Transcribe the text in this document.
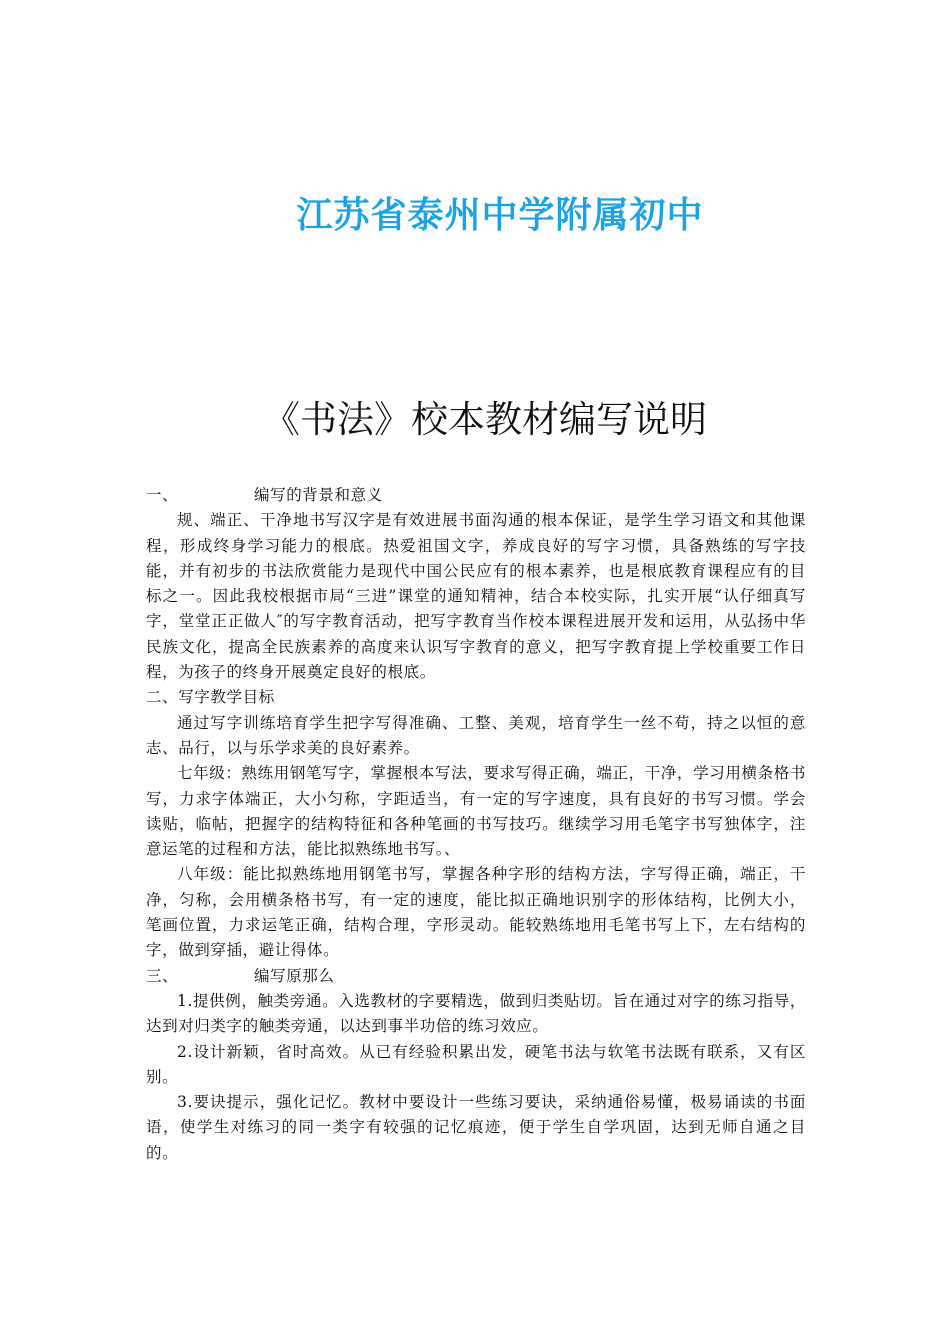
江苏省泰州中学附属初中
《书法》校本教材编写说明

一、	编写的背景和意义

规、端正、干净地书写汉字是有效进展书面沟通的根本保证，是学生学习语文和其他课程，形成终身学习能力的根底。热爱祖国文字，养成良好的写字习惯，具备熟练的写字技能，并有初步的书法欣赏能力是现代中国公民应有的根本素养，也是根底教育课程应有的目标之一。因此我校根据市局“三进”课堂的通知精神，结合本校实际，扎实开展“认仔细真写字，堂堂正正做人″的写字教育活动，把写字教育当作校本课程进展开发和运用，从弘扬中华民族文化，提高全民族素养的高度来认识写字教育的意义，把写字教育提上学校重要工作日程，为孩子的终身开展奠定良好的根底。

二、写字教学目标

通过写字训练培育学生把字写得准确、工整、美观，培育学生一丝不苟，持之以恒的意志、品行，以与乐学求美的良好素养。

七年级：熟练用钢笔写字，掌握根本写法，要求写得正确，端正，干净，学习用横条格书写，力求字体端正，大小匀称，字距适当，有一定的写字速度，具有良好的书写习惯。学会读贴，临帖，把握字的结构特征和各种笔画的书写技巧。继续学习用毛笔字书写独体字，注意运笔的过程和方法，能比拟熟练地书写。、

八年级：能比拟熟练地用钢笔书写，掌握各种字形的结构方法，字写得正确，端正，干净，匀称，会用横条格书写，有一定的速度，能比拟正确地识别字的形体结构，比例大小，笔画位置，力求运笔正确，结构合理，字形灵动。能较熟练地用毛笔书写上下，左右结构的字，做到穿插，避让得体。

三、	编写原那么

1.提供例，触类旁通。入选教材的字要精选，做到归类贴切。旨在通过对字的练习指导，达到对归类字的触类旁通，以达到事半功倍的练习效应。

2.设计新颖，省时高效。从已有经验积累出发，硬笔书法与软笔书法既有联系，又有区别。

3.要诀提示，强化记忆。教材中要设计一些练习要诀，采纳通俗易懂，极易诵读的书面语，使学生对练习的同一类字有较强的记忆痕迹，便于学生自学巩固，达到无师自通之目的。
